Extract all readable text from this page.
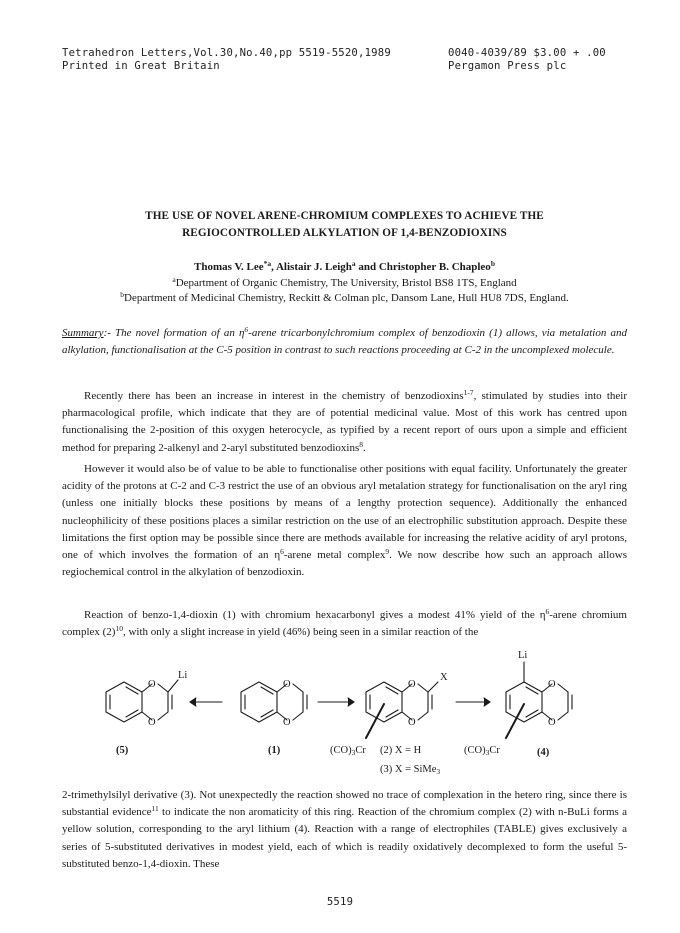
Tetrahedron Letters,Vol.30,No.40,pp 5519-5520,1989
Printed in Great Britain
0040-4039/89 $3.00 + .00
Pergamon Press plc
THE USE OF NOVEL ARENE-CHROMIUM COMPLEXES TO ACHIEVE THE
REGIOCONTROLLED ALKYLATION OF 1,4-BENZODIOXINS
Thomas V. Lee$^{*a}$, Alistair J. Leigh$^a$ and Christopher B. Chapleo$^b$
$^a$Department of Organic Chemistry, The University, Bristol BS8 1TS, England
$^b$Department of Medicinal Chemistry, Reckitt & Colman plc, Dansom Lane, Hull HU8 7DS, England.
Summary:- The novel formation of an $\eta^6$-arene tricarbonylchromium complex of benzodioxin (1) allows, via metalation and alkylation, functionalisation at the C-5 position in contrast to such reactions proceeding at C-2 in the uncomplexed molecule.

Recently there has been an increase in interest in the chemistry of benzodioxins$^{1-7}$, stimulated by studies into their pharmacological profile, which indicate that they are of potential medicinal value. Most of this work has centred upon functionalising the 2-position of this oxygen heterocycle, as typified by a recent report of ours upon a simple and efficient method for preparing 2-alkenyl and 2-aryl substituted benzodioxins$^8$.

However it would also be of value to be able to functionalise other positions with equal facility. Unfortunately the greater acidity of the protons at C-2 and C-3 restrict the use of an obvious aryl metalation strategy for functionalisation on the aryl ring (unless one initially blocks these positions by means of a lengthy protection sequence). Additionally the enhanced nucleophilicity of these positions places a similar restriction on the use of an electrophilic substitution approach. Despite these limitations the first option may be possible since there are methods available for increasing the relative acidity of aryl protons, one of which involves the formation of an $\eta^6$-arene metal complex$^9$. We now describe how such an approach allows regiochemical control in the alkylation of benzodioxin.

Reaction of benzo-1,4-dioxin (1) with chromium hexacarbonyl gives a modest 41% yield of the $\eta^6$-arene chromium complex $(2)^{10}$, with only a slight increase in yield (46%) being seen in a similar reaction of the

O
O
Li
O
O
O
O
X
O
O
Li
(5)	(1)	(CO)3Cr (2) X = H	(CO)3Cr	(4)
(3) X = SiMe3

2-trimethylsilyl derivative (3). Not unexpectedly the reaction showed no trace of complexation in the hetero ring, since there is substantial evidence$^{11}$ to indicate the non aromaticity of this ring. Reaction of the chromium complex (2) with n-BuLi forms a yellow solution, corresponding to the aryl lithium (4). Reaction with a range of electrophiles (TABLE) gives exclusively a series of 5-substituted derivatives in modest yield, each of which is readily oxidatively decomplexed to form the useful 5-substituted benzo-1,4-dioxin. These

5519
